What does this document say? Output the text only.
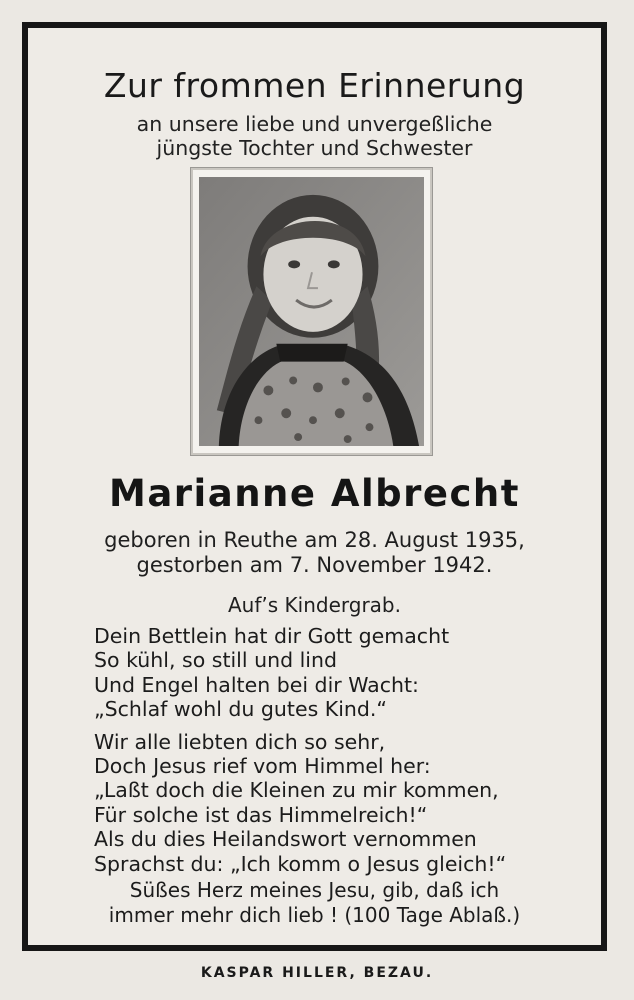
Zur frommen Erinnerung
an unsere liebe und unvergeßliche
jüngste Tochter und Schwester
Marianne Albrecht
geboren in Reuthe am 28. August 1935,
gestorben am 7. November 1942.
Auf’s Kindergrab.
Dein Bettlein hat dir Gott gemacht
So kühl, so still und lind
Und Engel halten bei dir Wacht:
„Schlaf wohl du gutes Kind.“
Wir alle liebten dich so sehr,
Doch Jesus rief vom Himmel her:
„Laßt doch die Kleinen zu mir kommen,
Für solche ist das Himmelreich!“
Als du dies Heilandswort vernommen
Sprachst du: „Ich komm o Jesus gleich!“
Süßes Herz meines Jesu, gib, daß ich
immer mehr dich lieb ! (100 Tage Ablaß.)
KASPAR HILLER, BEZAU.
